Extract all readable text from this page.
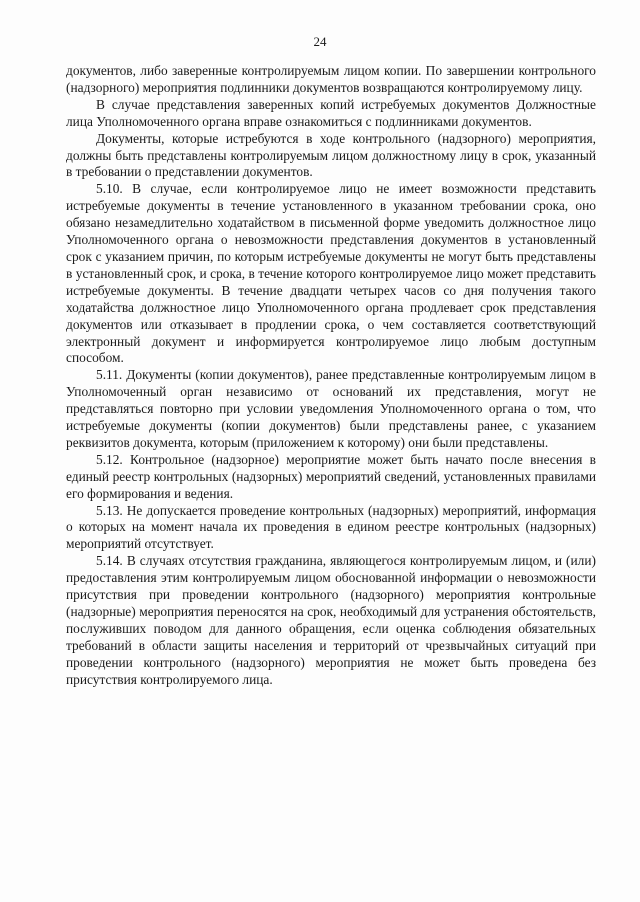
24

документов, либо заверенные контролируемым лицом копии. По завершении контрольного (надзорного) мероприятия подлинники документов возвращаются контролируемому лицу.

В случае представления заверенных копий истребуемых документов Должностные лица Уполномоченного органа вправе ознакомиться с подлинниками документов.

Документы, которые истребуются в ходе контрольного (надзорного) мероприятия, должны быть представлены контролируемым лицом должностному лицу в срок, указанный в требовании о представлении документов.

5.10. В случае, если контролируемое лицо не имеет возможности представить истребуемые документы в течение установленного в указанном требовании срока, оно обязано незамедлительно ходатайством в письменной форме уведомить должностное лицо Уполномоченного органа о невозможности представления документов в установленный срок с указанием причин, по которым истребуемые документы не могут быть представлены в установленный срок, и срока, в течение которого контролируемое лицо может представить истребуемые документы. В течение двадцати четырех часов со дня получения такого ходатайства должностное лицо Уполномоченного органа продлевает срок представления документов или отказывает в продлении срока, о чем составляется соответствующий электронный документ и информируется контролируемое лицо любым доступным способом.

5.11. Документы (копии документов), ранее представленные контролируемым лицом в Уполномоченный орган независимо от оснований их представления, могут не представляться повторно при условии уведомления Уполномоченного органа о том, что истребуемые документы (копии документов) были представлены ранее, с указанием реквизитов документа, которым (приложением к которому) они были представлены.

5.12. Контрольное (надзорное) мероприятие может быть начато после внесения в единый реестр контрольных (надзорных) мероприятий сведений, установленных правилами его формирования и ведения.

5.13. Не допускается проведение контрольных (надзорных) мероприятий, информация о которых на момент начала их проведения в едином реестре контрольных (надзорных) мероприятий отсутствует.

5.14. В случаях отсутствия гражданина, являющегося контролируемым лицом, и (или) предоставления этим контролируемым лицом обоснованной информации о невозможности присутствия при проведении контрольного (надзорного) мероприятия контрольные (надзорные) мероприятия переносятся на срок, необходимый для устранения обстоятельств, послуживших поводом для данного обращения, если оценка соблюдения обязательных требований в области защиты населения и территорий от чрезвычайных ситуаций при проведении контрольного (надзорного) мероприятия не может быть проведена без присутствия контролируемого лица.
